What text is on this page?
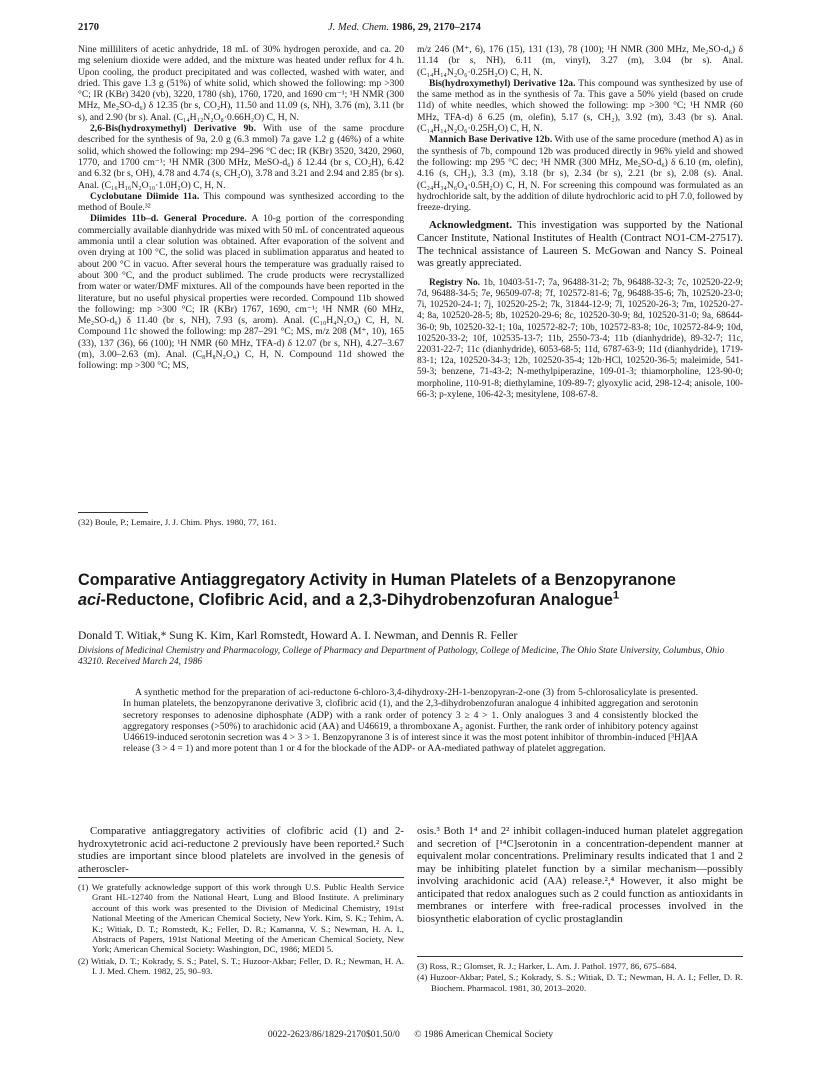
2170	J. Med. Chem. 1986, 29, 2170–2174

Nine milliliters of acetic anhydride, 18 mL of 30% hydrogen peroxide, and ca. 20 mg selenium dioxide were added, and the mixture was heated under reflux for 4 h. Upon cooling, the product precipitated and was collected, washed with water, and dried. This gave 1.3 g (51%) of white solid, which showed the following: mp >300 °C; IR (KBr) 3420 (vb), 3220, 1780 (sh), 1760, 1720, and 1690 cm⁻¹; ¹H NMR (300 MHz, Me₂SO-d₆) δ 12.35 (br s, CO₂H), 11.50 and 11.09 (s, NH), 3.76 (m), 3.11 (br s), and 2.90 (br s). Anal. (C₁₄H₁₂N₂O₈·0.66H₂O) C, H, N.

2,6-Bis(hydroxymethyl) Derivative 9b. With use of the same procdure described for the synthesis of 9a, 2.0 g (6.3 mmol) 7a gave 1.2 g (46%) of a white solid, which showed the following: mp 294–296 °C dec; IR (KBr) 3520, 3420, 2960, 1770, and 1700 cm⁻¹; ¹H NMR (300 MHz, MeSO-d₆) δ 12.44 (br s, CO₂H), 6.42 and 6.32 (br s, OH), 4.78 and 4.74 (s, CH₂O), 3.78 and 3.21 and 2.94 and 2.85 (br s). Anal. (C₁₆H₁₆N₂O₁₀·1.0H₂O) C, H, N.

Cyclobutane Diimide 11a. This compound was synthesized according to the method of Boule.³²

Diimides 11b–d. General Procedure. A 10-g portion of the corresponding commercially available dianhydride was mixed with 50 mL of concentrated aqueous ammonia until a clear solution was obtained. After evaporation of the solvent and oven drying at 100 °C, the solid was placed in sublimation apparatus and heated to about 200 °C in vacuo. After several hours the temperature was gradually raised to about 300 °C, and the product sublimed. The crude products were recrystallized from water or water/DMF mixtures. All of the compounds have been reported in the literature, but no useful physical properties were recorded. Compound 11b showed the following: mp >300 °C; IR (KBr) 1767, 1690, cm⁻¹; ¹H NMR (60 MHz, Me₂SO-d₆) δ 11.40 (br s, NH), 7.93 (s, arom). Anal. (C₁₀H₄N₂O₄) C, H, N. Compound 11c showed the following: mp 287–291 °C; MS, m/z 208 (M⁺, 10), 165 (33), 137 (36), 66 (100); ¹H NMR (60 MHz, TFA-d) δ 12.07 (br s, NH), 4.27–3.67 (m), 3.00–2.63 (m). Anal. (C₈H₈N₂O₄) C, H, N. Compound 11d showed the following: mp >300 °C; MS,

(32) Boule, P.; Lemaire, J. J. Chim. Phys. 1980, 77, 161.

m/z 246 (M⁺, 6), 176 (15), 131 (13), 78 (100); ¹H NMR (300 MHz, Me₂SO-d₆) δ 11.14 (br s, NH), 6.11 (m, vinyl), 3.27 (m), 3.04 (br s). Anal. (C₁₄H₁₄N₂O₆·0.25H₂O) C, H, N.

Bis(hydroxymethyl) Derivative 12a. This compound was synthesized by use of the same method as in the synthesis of 7a. This gave a 50% yield (based on crude 11d) of white needles, which showed the following: mp >300 °C; ¹H NMR (60 MHz, TFA-d) δ 6.25 (m, olefin), 5.17 (s, CH₂), 3.92 (m), 3.43 (br s). Anal. (C₁₄H₁₄N₂O₆·0.25H₂O) C, H, N.

Mannich Base Derivative 12b. With use of the same procedure (method A) as in the synthesis of 7b, compound 12b was produced directly in 96% yield and showed the following: mp 295 °C dec; ¹H NMR (300 MHz, Me₂SO-d₆) δ 6.10 (m, olefin), 4.16 (s, CH₂), 3.3 (m), 3.18 (br s), 2.34 (br s), 2.21 (br s), 2.08 (s). Anal. (C₂₄H₃₄N₆O₄·0.5H₂O) C, H, N. For screening this compound was formulated as an hydrochloride salt, by the addition of dilute hydrochloric acid to pH 7.0, followed by freeze-drying.

Acknowledgment. This investigation was supported by the National Cancer Institute, National Institutes of Health (Contract NO1-CM-27517). The technical assistance of Laureen S. McGowan and Nancy S. Poineal was greatly appreciated.

Registry No. 1b, 10403-51-7; 7a, 96488-31-2; 7b, 96488-32-3; 7c, 102520-22-9; 7d, 96488-34-5; 7e, 96509-07-8; 7f, 102572-81-6; 7g, 96488-35-6; 7h, 102520-23-0; 7i, 102520-24-1; 7j, 102520-25-2; 7k, 31844-12-9; 7l, 102520-26-3; 7m, 102520-27-4; 8a, 102520-28-5; 8b, 102520-29-6; 8c, 102520-30-9; 8d, 102520-31-0; 9a, 68644-36-0; 9b, 102520-32-1; 10a, 102572-82-7; 10b, 102572-83-8; 10c, 102572-84-9; 10d, 102520-33-2; 10f, 102535-13-7; 11b, 2550-73-4; 11b (dianhydride), 89-32-7; 11c, 22031-22-7; 11c (dianhydride), 6053-68-5; 11d, 6787-63-9; 11d (dianhydride), 1719-83-1; 12a, 102520-34-3; 12b, 102520-35-4; 12b·HCl, 102520-36-5; maleimide, 541-59-3; benzene, 71-43-2; N-methylpiperazine, 109-01-3; thiamorpholine, 123-90-0; morpholine, 110-91-8; diethylamine, 109-89-7; glyoxylic acid, 298-12-4; anisole, 100-66-3; p-xylene, 106-42-3; mesitylene, 108-67-8.

Comparative Antiaggregatory Activity in Human Platelets of a Benzopyranone
aci-Reductone, Clofibric Acid, and a 2,3-Dihydrobenzofuran Analogue$^1$
Donald T. Witiak,* Sung K. Kim, Karl Romstedt, Howard A. I. Newman, and Dennis R. Feller
Divisions of Medicinal Chemistry and Pharmacology, College of Pharmacy and Department of Pathology, College of Medicine, The Ohio State University, Columbus, Ohio 43210. Received March 24, 1986
A synthetic method for the preparation of aci-reductone 6-chloro-3,4-dihydroxy-2H-1-benzopyran-2-one (3) from 5-chlorosalicylate is presented. In human platelets, the benzopyranone derivative 3, clofibric acid (1), and the 2,3-dihydrobenzofuran analogue 4 inhibited aggregation and serotonin secretory responses to adenosine diphosphate (ADP) with a rank order of potency 3 ≥ 4 > 1. Only analogues 3 and 4 consistently blocked the aggregatory responses (>50%) to arachidonic acid (AA) and U46619, a thromboxane A₂ agonist. Further, the rank order of inhibitory potency against U46619-induced serotonin secretion was 4 > 3 > 1. Benzopyranone 3 is of interest since it was the most potent inhibitor of thrombin-induced [³H]AA release (3 > 4 = 1) and more potent than 1 or 4 for the blockade of the ADP- or AA-mediated pathway of platelet aggregation.
Comparative antiaggregatory activities of clofibric acid (1) and 2-hydroxytetronic acid aci-reductone 2 previously have been reported.² Such studies are important since blood platelets are involved in the genesis of atheroscler-
osis.³ Both 1⁴ and 2² inhibit collagen-induced human platelet aggregation and secretion of [¹⁴C]serotonin in a concentration-dependent manner at equivalent molar concentrations. Preliminary results indicated that 1 and 2 may be inhibiting platelet function by a similar mechanism—possibly involving arachidonic acid (AA) release.²,⁴ However, it also might be anticipated that redox analogues such as 2 could function as antioxidants in membranes or interfere with free-radical processes involved in the biosynthetic elaboration of cyclic prostaglandin

(1) We gratefully acknowledge support of this work through U.S. Public Health Service Grant HL-12740 from the National Heart, Lung and Blood Institute. A preliminary account of this work was presented to the Division of Medicinal Chemistry, 191st National Meeting of the American Chemical Society, New York. Kim, S. K.; Tehim, A. K.; Witiak, D. T.; Romstedt, K.; Feller, D. R.; Kamanna, V. S.; Newman, H. A. I., Abstracts of Papers, 191st National Meeting of the American Chemical Society, New York; American Chemical Society: Washington, DC, 1986; MEDI 5.

(2) Witiak, D. T.; Kokrady, S. S.; Patel, S. T.; Huzoor-Akbar; Feller, D. R.; Newman, H. A. I. J. Med. Chem. 1982, 25, 90–93.

(3) Ross, R.; Glomset, R. J.; Harker, L. Am. J. Pathol. 1977, 86, 675–684.

(4) Huzoor-Akbar; Patel, S.; Kokrady, S. S.; Witiak, D. T.; Newman, H. A. I.; Feller, D. R. Biochem. Pharmacol. 1981, 30, 2013–2020.

0022-2623/86/1829-2170$01.50/0 © 1986 American Chemical Society
